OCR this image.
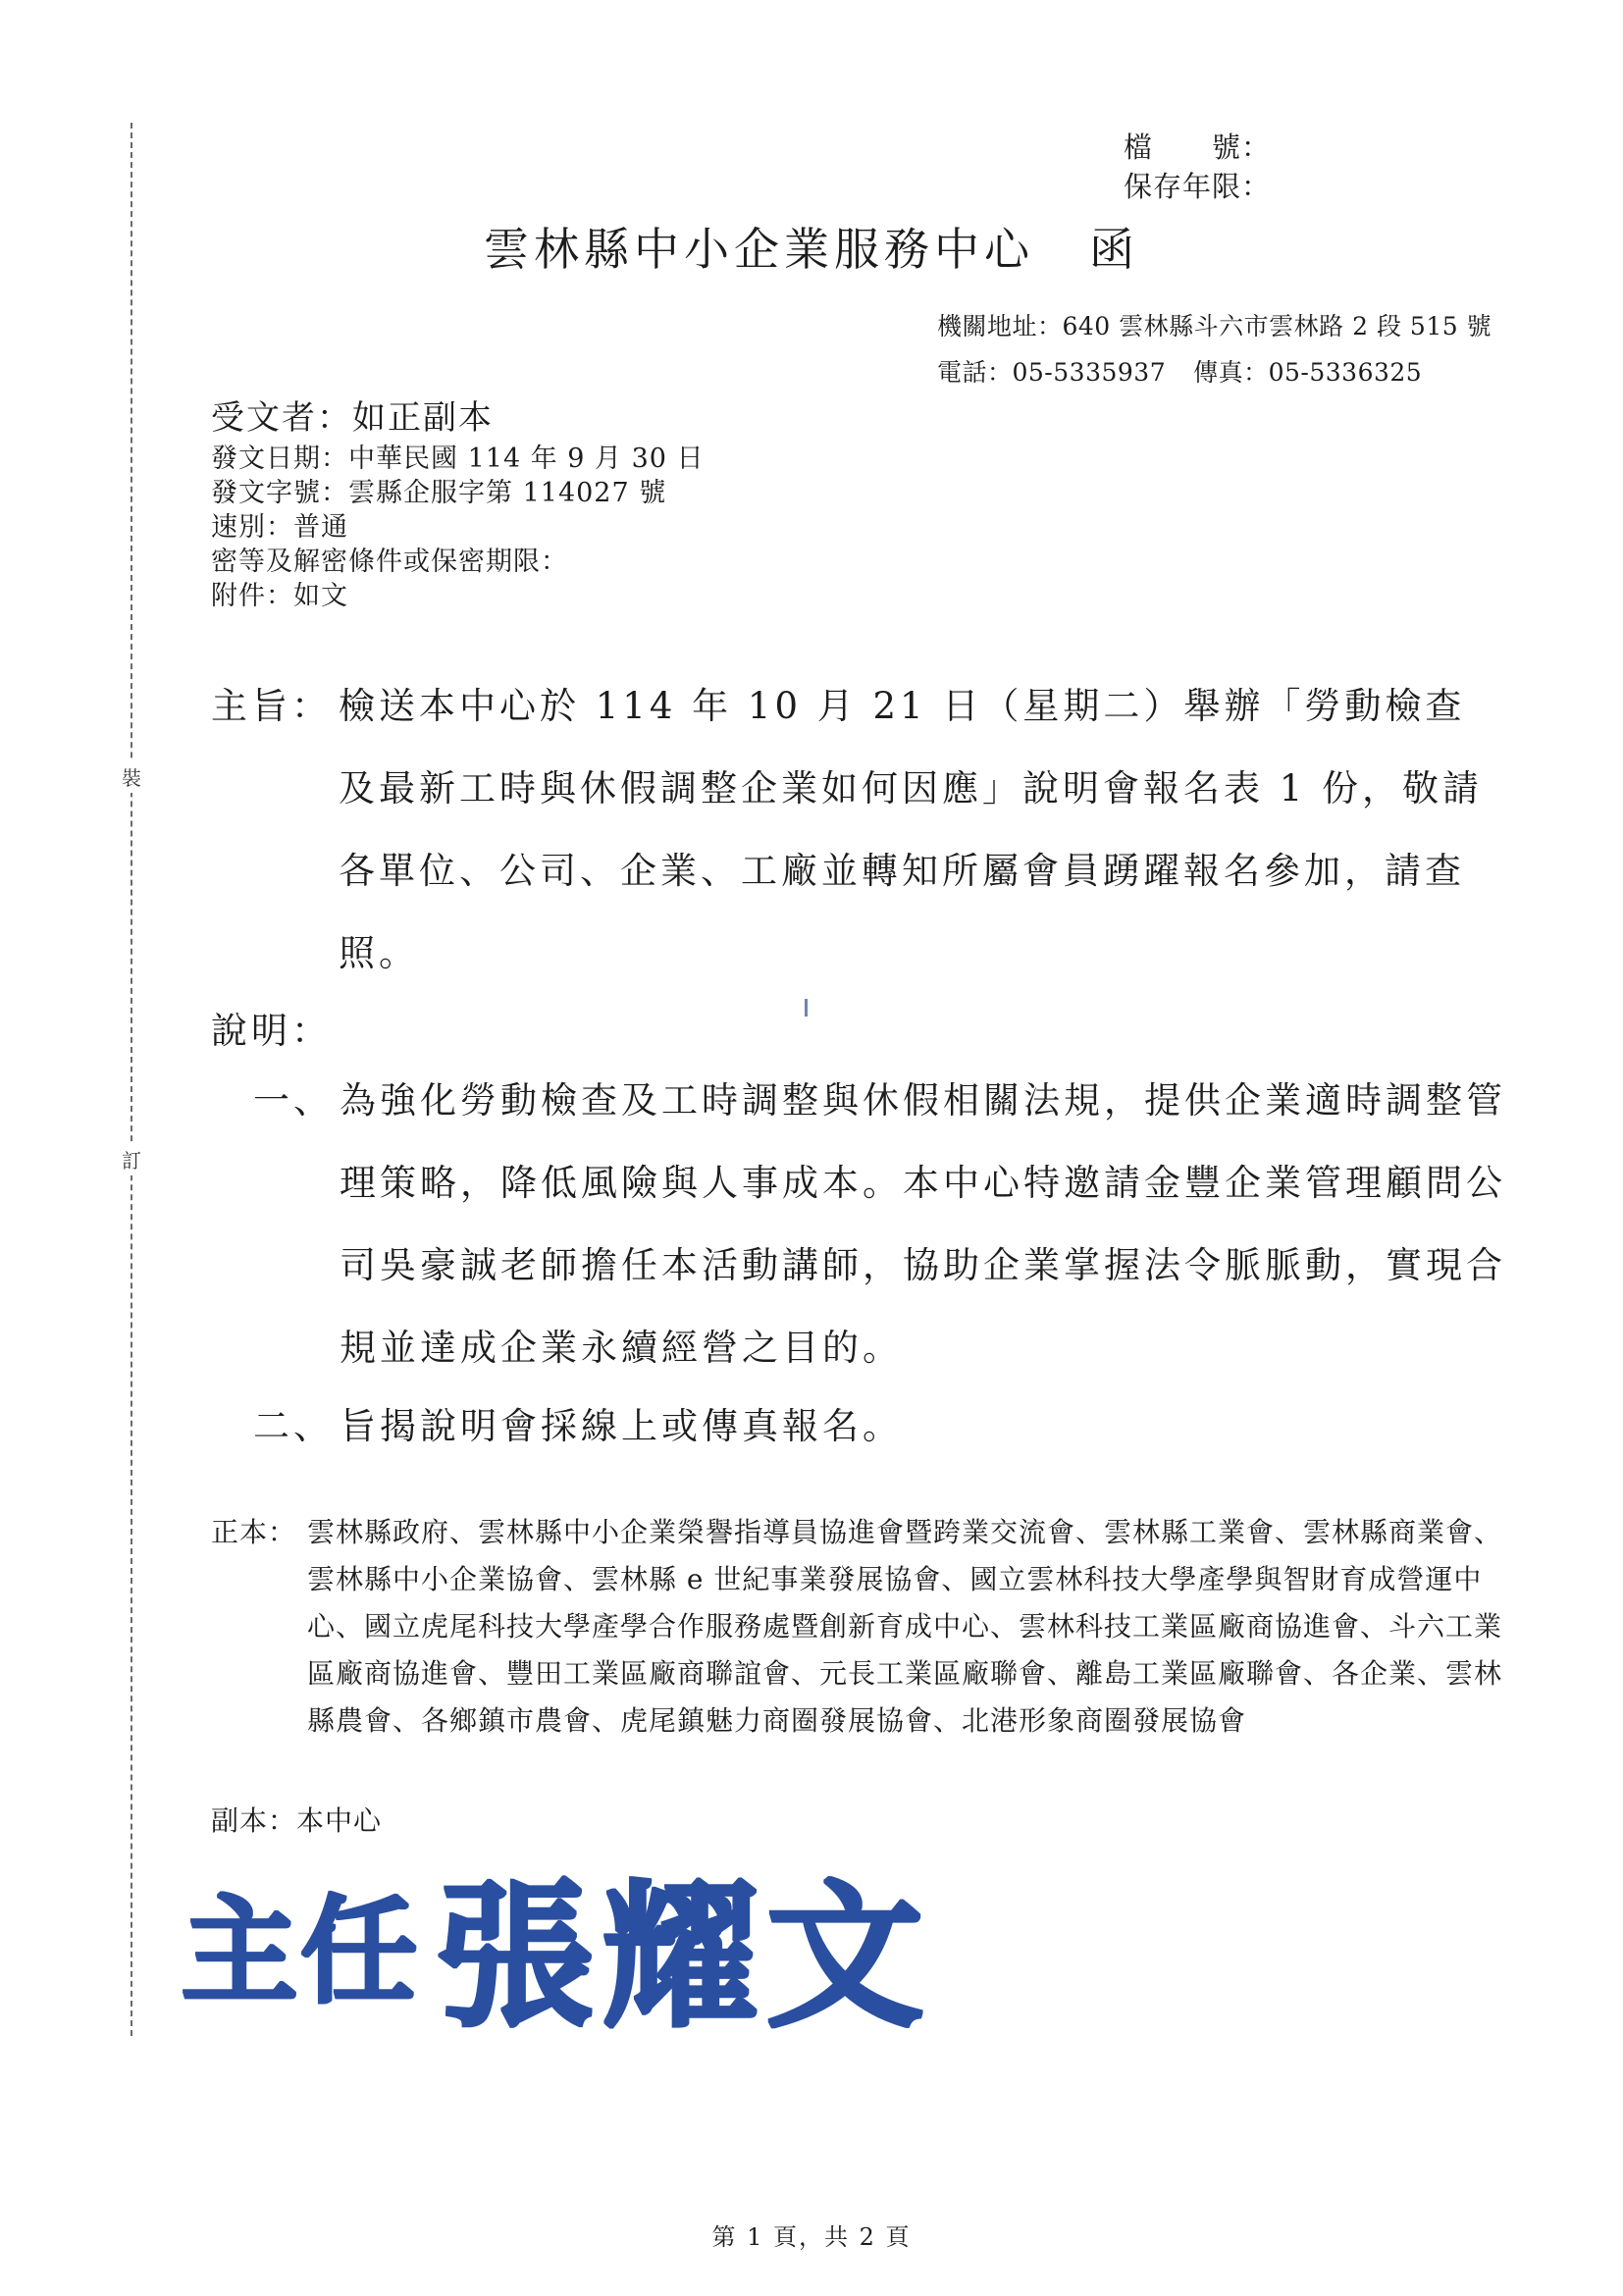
裝
訂
檔　　號：
保存年限：
雲林縣中小企業服務中心 函
機關地址：640 雲林縣斗六市雲林路 2 段 515 號
電話：05-5335937 傳真：05-5336325
受文者：如正副本
發文日期：中華民國 114 年 9 月 30 日
發文字號：雲縣企服字第 114027 號
速別：普通
密等及解密條件或保密期限：
附件：如文
主旨： 檢送本中心於 114 年 10 月 21 日（星期二）舉辦「勞動檢查及最新工時與休假調整企業如何因應」說明會報名表 1 份，敬請各單位、公司、企業、工廠並轉知所屬會員踴躍報名參加，請查照。
說明：
一、 為強化勞動檢查及工時調整與休假相關法規，提供企業適時調整管理策略，降低風險與人事成本。本中心特邀請金豐企業管理顧問公司吳豪誠老師擔任本活動講師，協助企業掌握法令脈脈動，實現合規並達成企業永續經營之目的。
二、 旨揭說明會採線上或傳真報名。
正本： 雲林縣政府、雲林縣中小企業榮譽指導員協進會暨跨業交流會、雲林縣工業會、雲林縣商業會、雲林縣中小企業協會、雲林縣 e 世紀事業發展協會、國立雲林科技大學產學與智財育成營運中心、國立虎尾科技大學產學合作服務處暨創新育成中心、雲林科技工業區廠商協進會、斗六工業區廠商協進會、豐田工業區廠商聯誼會、元長工業區廠聯會、離島工業區廠聯會、各企業、雲林縣農會、各鄉鎮市農會、虎尾鎮魅力商圈發展協會、北港形象商圈發展協會
副本：本中心
主任 張耀文
第 1 頁，共 2 頁
